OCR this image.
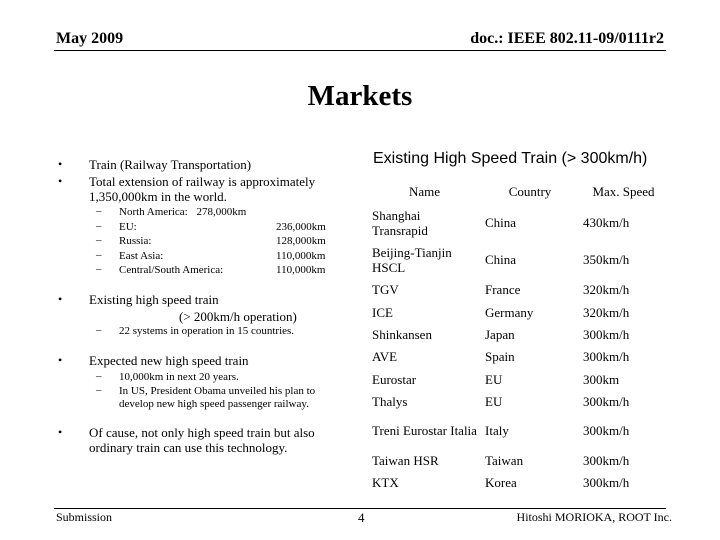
May 2009	doc.: IEEE 802.11-09/0111r2
Markets
• Train (Railway Transportation)
• Total extension of railway is approximately
1,350,000km in the world.
– North America: 278,000km
– EU:	236,000km
– Russia:	128,000km
– East Asia:	110,000km
– Central/South America:	110,000km
• Existing high speed train
(> 200km/h operation)
– 22 systems in operation in 15 countries.
• Expected new high speed train
– 10,000km in next 20 years.
– In US, President Obama unveiled his plan to
develop new high speed passenger railway.
• Of cause, not only high speed train but also
ordinary train can use this technology.
Existing High Speed Train (> 300km/h)
Name	Country	Max. Speed
Shanghai Transrapid	China	430km/h
Beijing-Tianjin HSCL	China	350km/h
TGV	France	320km/h
ICE	Germany	320km/h
Shinkansen	Japan	300km/h
AVE	Spain	300km/h
Eurostar	EU	300km
Thalys	EU	300km/h
Treni Eurostar Italia	Italy	300km/h
Taiwan HSR	Taiwan	300km/h
KTX	Korea	300km/h
Submission	4	Hitoshi MORIOKA, ROOT Inc.
